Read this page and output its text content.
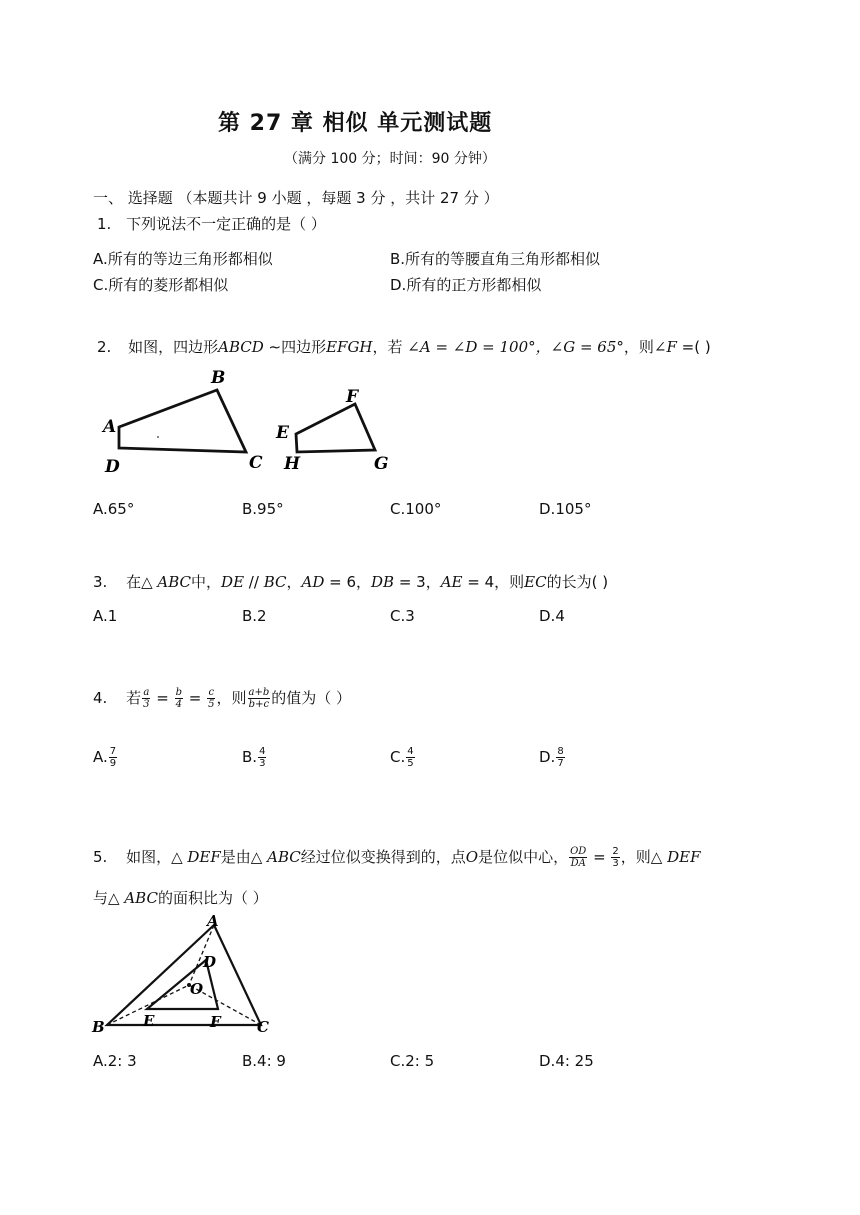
第 27 章 相似 单元测试题
（满分 100 分；时间：90 分钟）
一、 选择题 （本题共计 9 小题 ，每题 3 分 ，共计 27 分 ）
1. 下列说法不一定正确的是（ ）
A.所有的等边三角形都相似	B.所有的等腰直角三角形都相似
C.所有的菱形都相似	D.所有的正方形都相似
2. 如图，四边形ABCD ∼四边形EFGH，若 ∠A = ∠D = 100°，∠G = 65°，则∠F =( )
A
B
C
D
E
F
H	G
A.65°	B.95°	C.100°	D.105°
3. 在△ ABC中，DE // BC，AD = 6，DB = 3，AE = 4，则EC的长为( )
A.1	B.2	C.3	D.4
4. 若 $\frac{a}{3} = \frac{b}{4} = \frac{c}{5}$ ，则 $\frac{a+b}{b+c}$ 的值为（ ）
A. $\frac{7}{9}$	B. $\frac{4}{3}$	C. $\frac{4}{5}$	D. $\frac{8}{7}$
5. 如图，△ DEF是由△ ABC经过位似变换得到的，点O是位似中心， $\frac{OD}{DA} = \frac{2}{3}$ ，则△ DEF
与△ ABC的面积比为（ ）
A
D
O
B	E	F C
A.2: 3	B.4: 9	C.2: 5	D.4: 25
